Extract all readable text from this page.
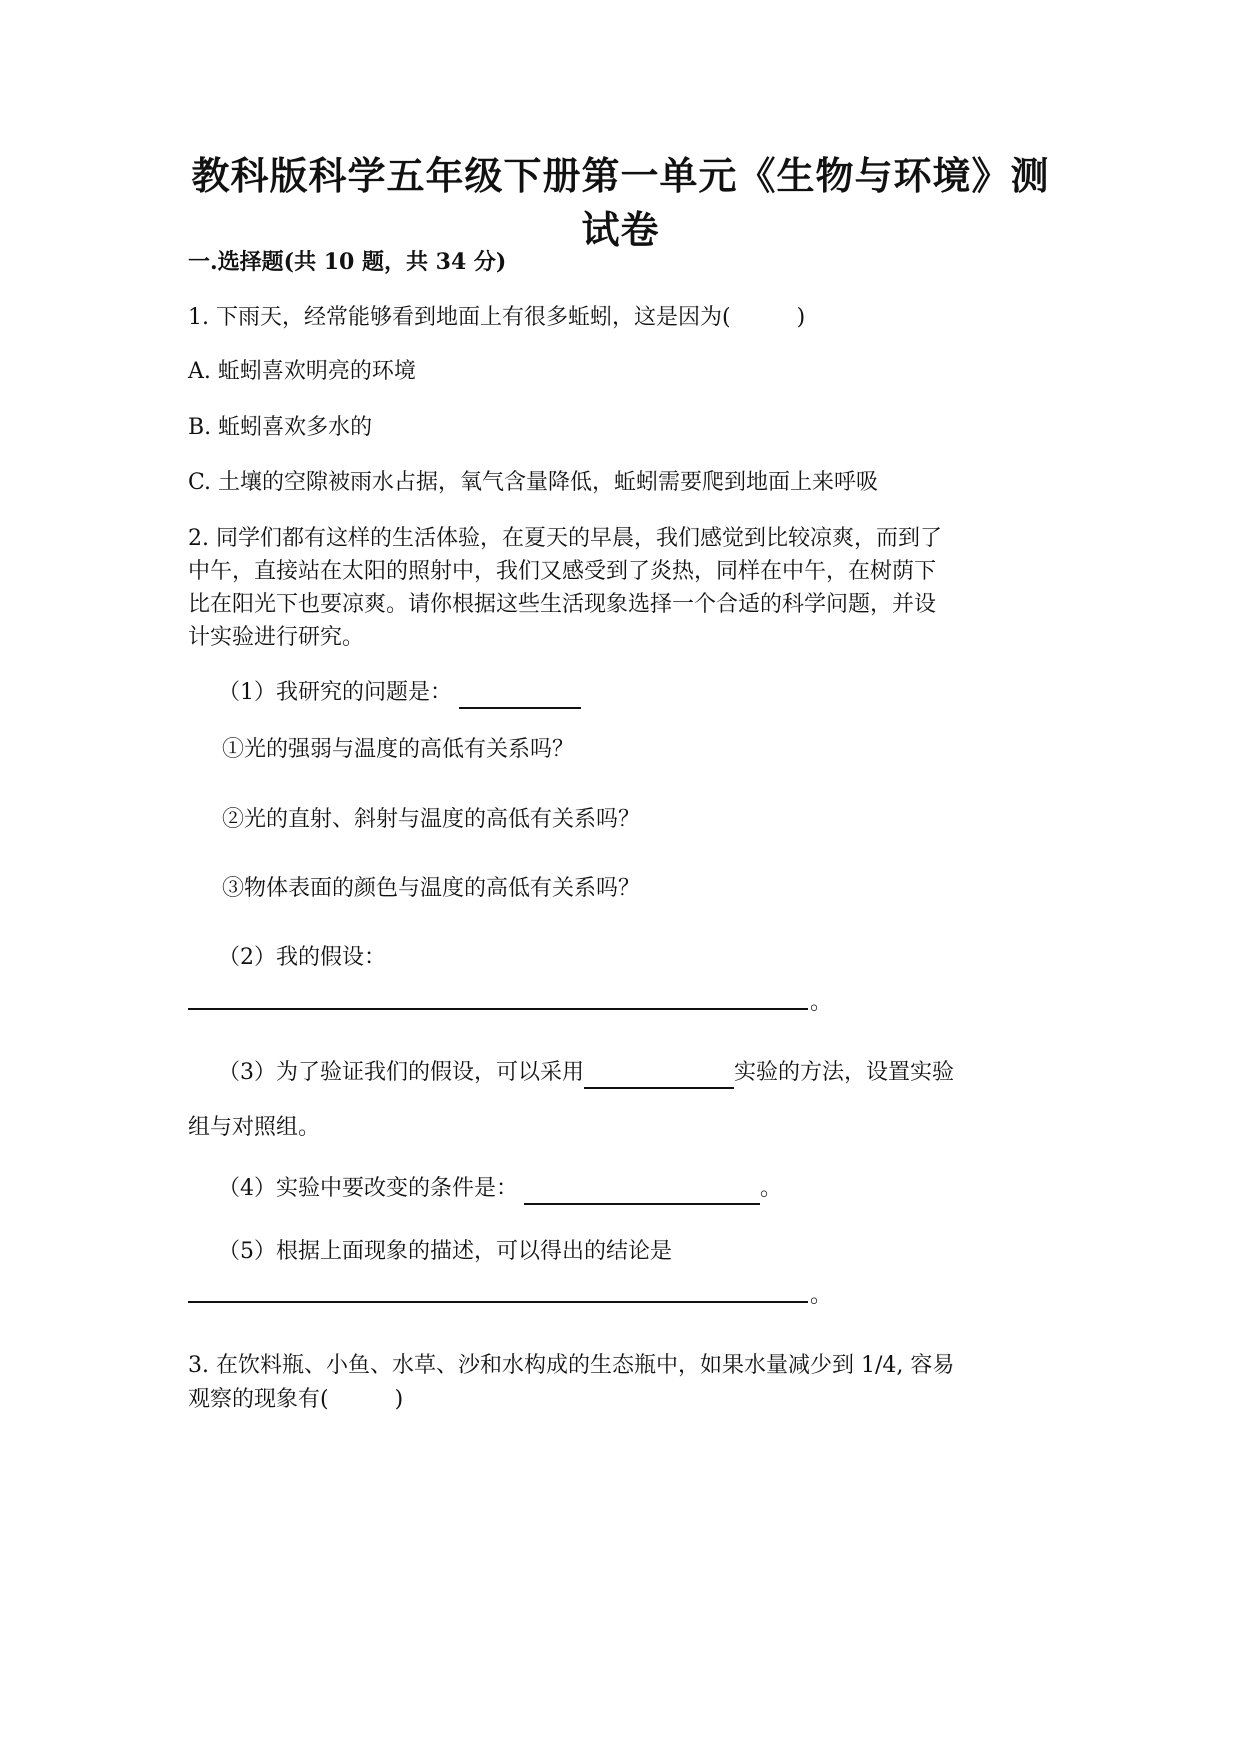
教科版科学五年级下册第一单元《生物与环境》测
试卷
一.选择题(共 10 题，共 34 分)
1. 下雨天，经常能够看到地面上有很多蚯蚓，这是因为(　　　)
A. 蚯蚓喜欢明亮的环境
B. 蚯蚓喜欢多水的
C. 土壤的空隙被雨水占据，氧气含量降低，蚯蚓需要爬到地面上来呼吸
2. 同学们都有这样的生活体验，在夏天的早晨，我们感觉到比较凉爽，而到了
中午，直接站在太阳的照射中，我们又感受到了炎热，同样在中午，在树荫下
比在阳光下也要凉爽。请你根据这些生活现象选择一个合适的科学问题，并设
计实验进行研究。
（1）我研究的问题是：
①光的强弱与温度的高低有关系吗？
②光的直射、斜射与温度的高低有关系吗？
③物体表面的颜色与温度的高低有关系吗？
（2）我的假设：
。
（3）为了验证我们的假设，可以采用	实验的方法，设置实验
组与对照组。
（4）实验中要改变的条件是：	。
（5）根据上面现象的描述，可以得出的结论是
。
3. 在饮料瓶、小鱼、水草、沙和水构成的生态瓶中，如果水量减少到 1/4, 容易
观察的现象有(　　　)
